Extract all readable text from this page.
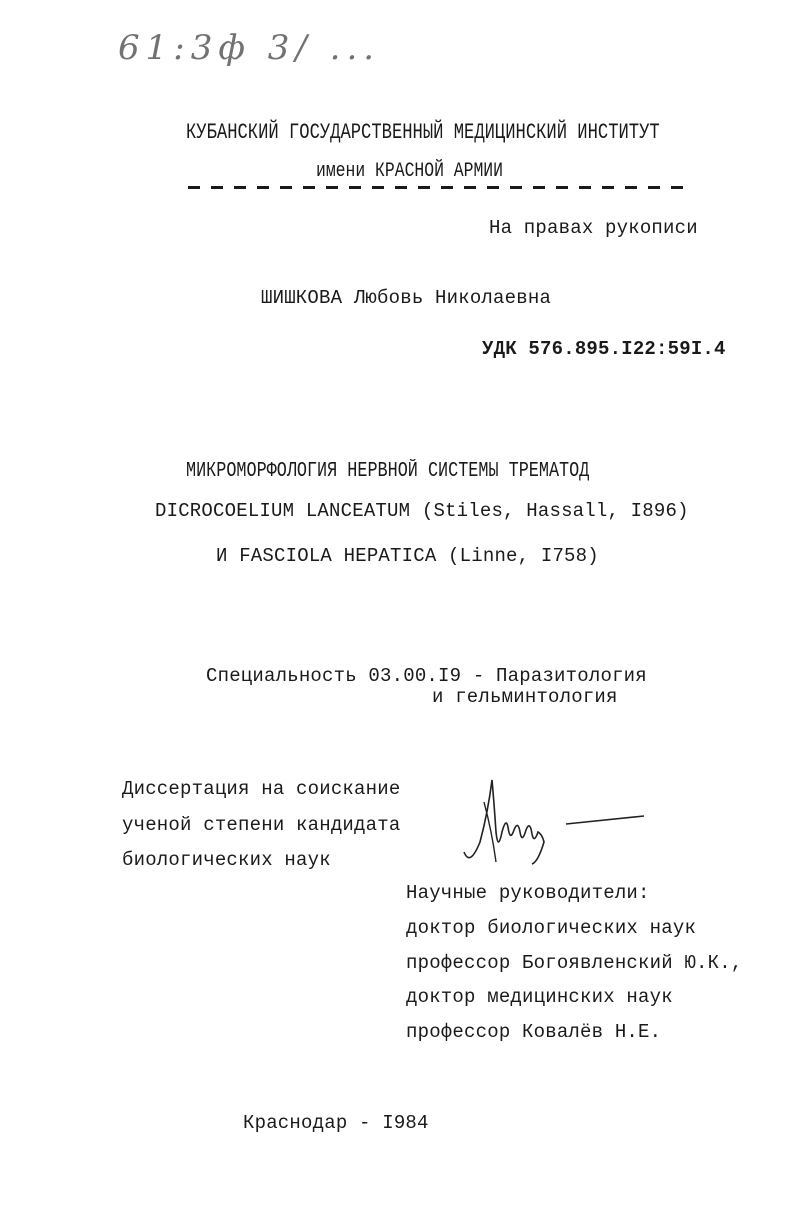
61:3ф 3/ ...
КУБАНСКИЙ ГОСУДАРСТВЕННЫЙ МЕДИЦИНСКИЙ ИНСТИТУТ
имени КРАСНОЙ АРМИИ
На правах рукописи
ШИШКОВА Любовь Николаевна
УДК 576.895.I22:59I.4
МИКРОМОРФОЛОГИЯ НЕРВНОЙ СИСТЕМЫ ТРЕМАТОД
DICROCOELIUM LANCEATUM (Stiles, Hassall, I896)
И FASCIOLA HEPATICA (Linne, I758)
Специальность 03.00.I9 - Паразитология
и гельминтология
Диссертация на соискание
ученой степени кандидата
биологических наук
Научные руководители:
доктор биологических наук
профессор Богоявленский Ю.К.,
доктор медицинских наук
профессор Ковалёв Н.Е.
Краснодар - I984
